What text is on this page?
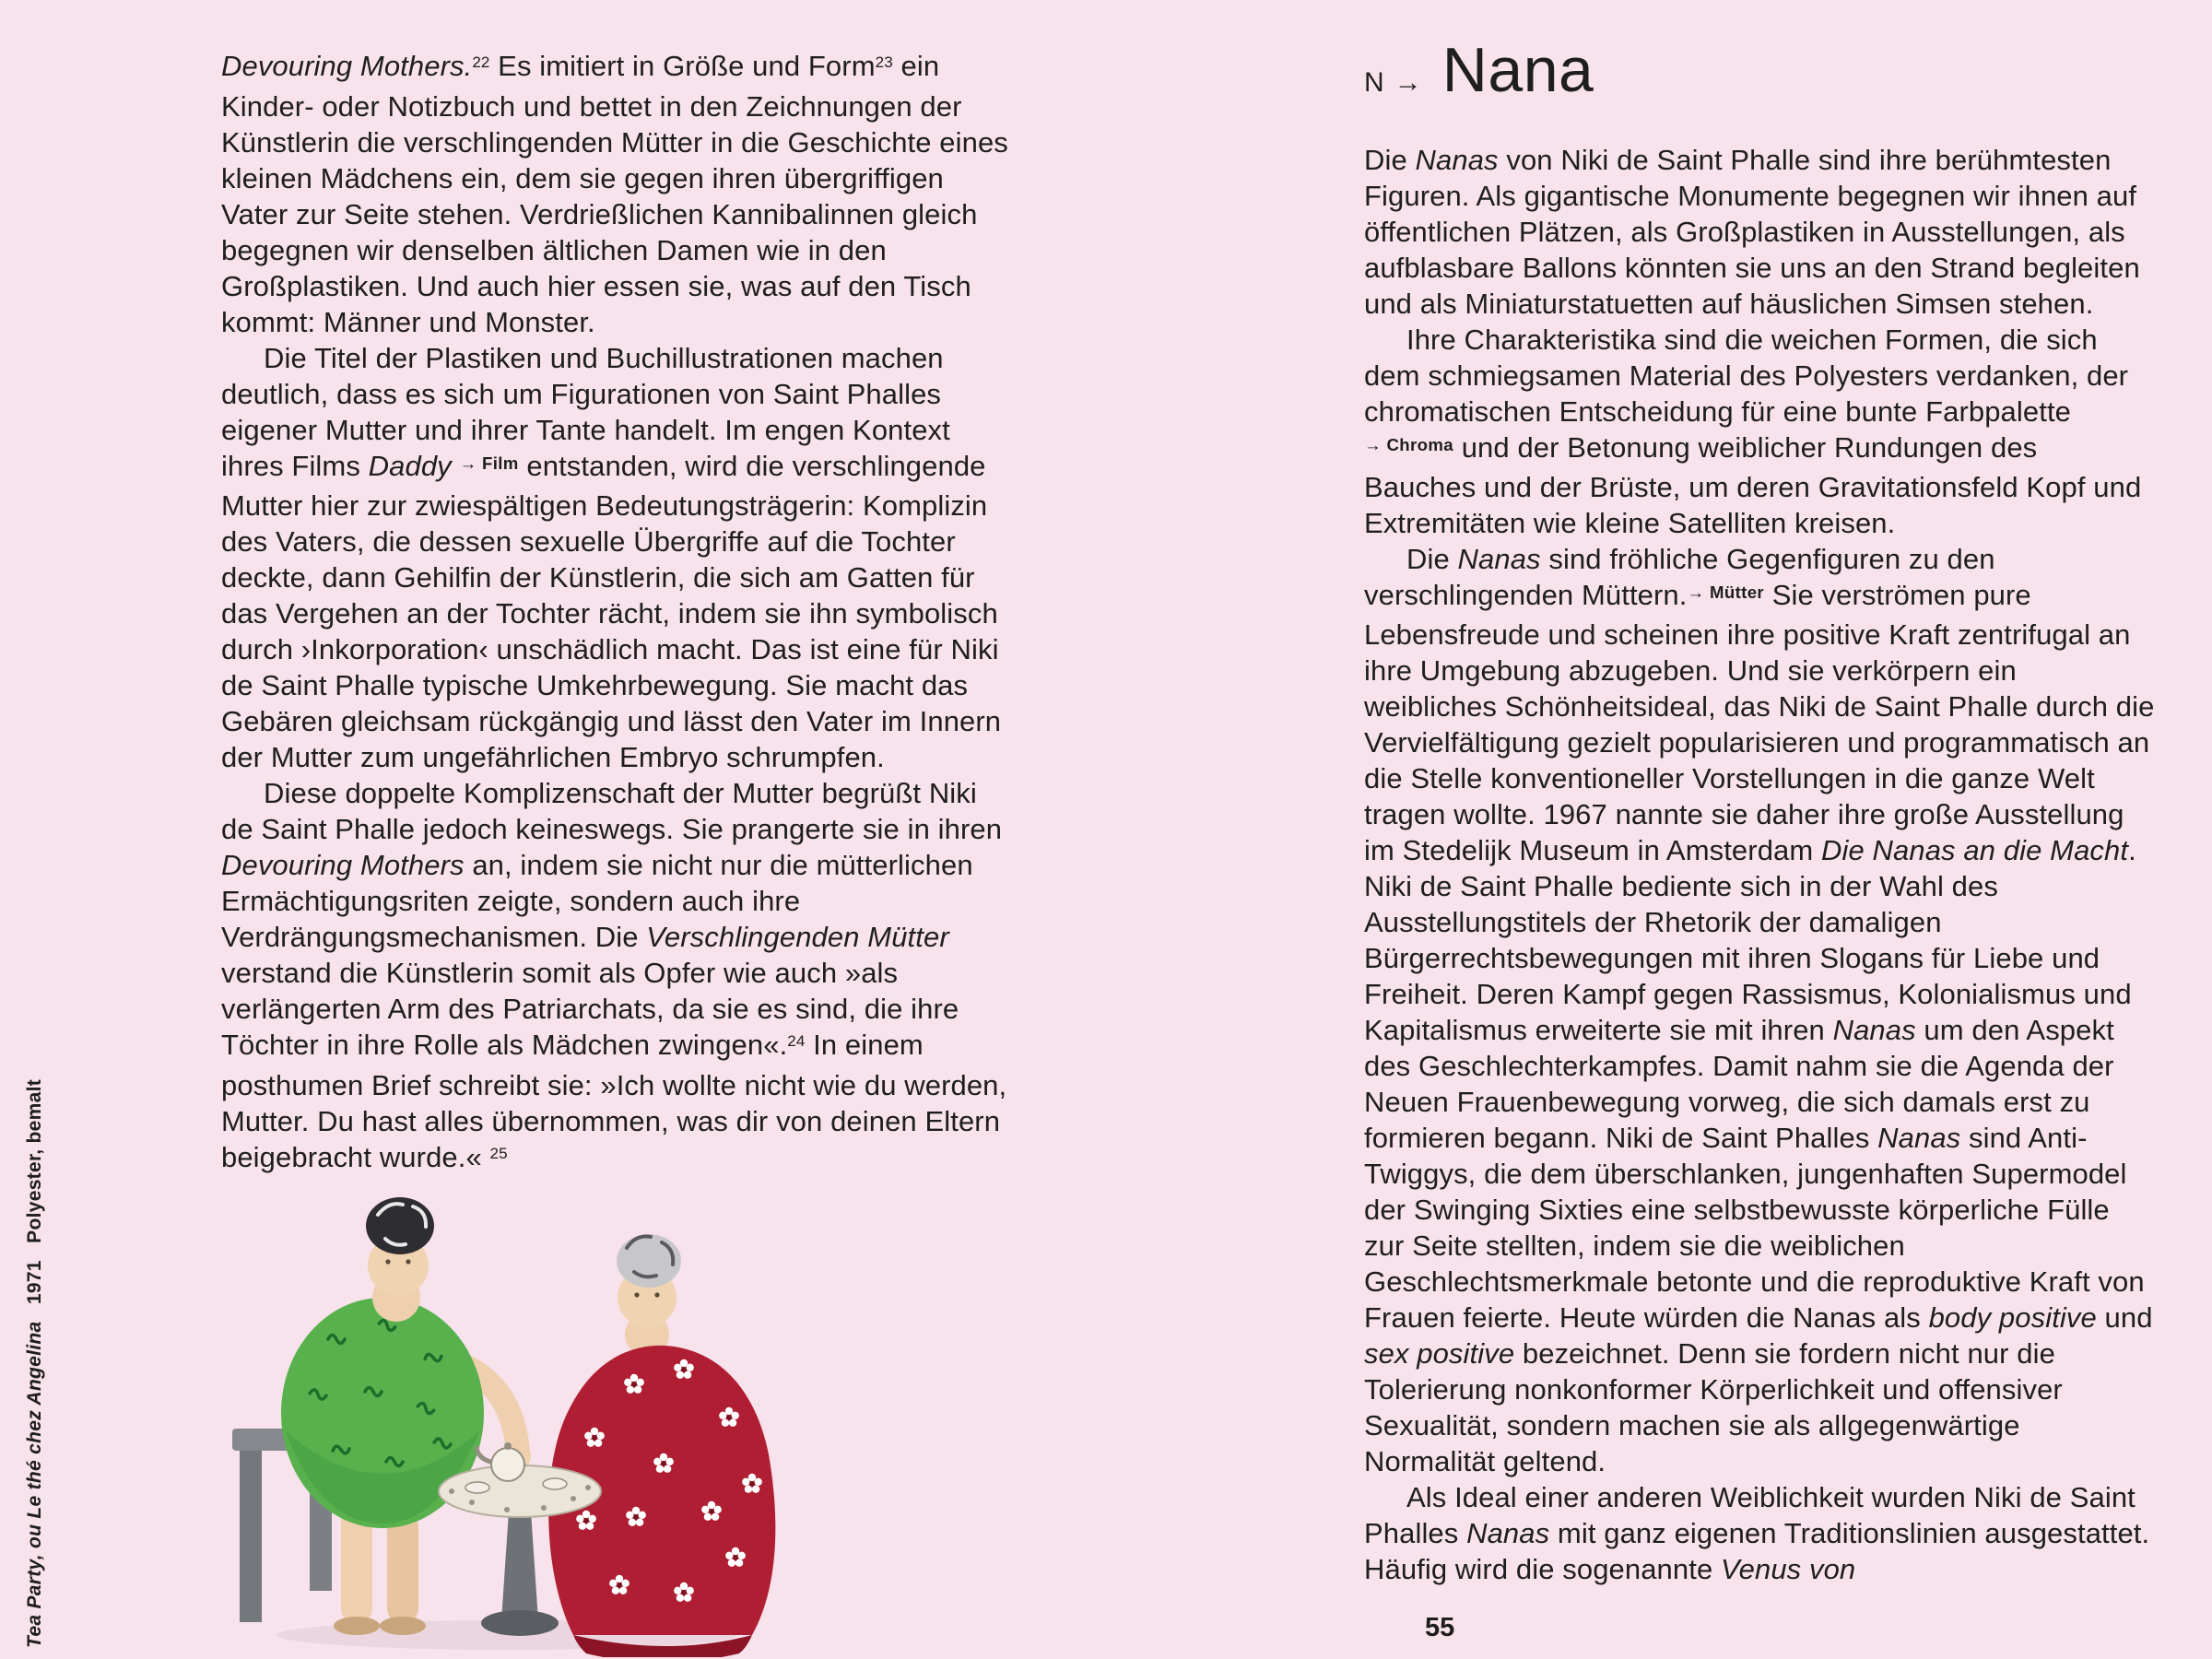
Tea Party, ou Le thé chez Angelina   1971   Polyester, bemalt

Devouring Mothers.$^{22}$ Es imitiert in Größe und Form$^{23}$ ein Kinder- oder Notizbuch und bettet in den Zeichnungen der Künstlerin die verschlingenden Mütter in die Geschichte eines kleinen Mädchens ein, dem sie gegen ihren übergriffigen Vater zur Seite stehen. Verdrießlichen Kannibalinnen gleich begegnen wir denselben ältlichen Damen wie in den Großplastiken. Und auch hier essen sie, was auf den Tisch kommt: Männer und Monster.

Die Titel der Plastiken und Buchillustrationen machen deutlich, dass es sich um Figurationen von Saint Phalles eigener Mutter und ihrer Tante handelt. Im engen Kontext ihres Films Daddy $^{\to Film}$ entstanden, wird die verschlingende Mutter hier zur zwiespältigen Bedeutungsträgerin: Komplizin des Vaters, die dessen sexuelle Übergriffe auf die Tochter deckte, dann Gehilfin der Künstlerin, die sich am Gatten für das Vergehen an der Tochter rächt, indem sie ihn symbolisch durch ›Inkorporation‹ unschädlich macht. Das ist eine für Niki de Saint Phalle typische Umkehrbewegung. Sie macht das Gebären gleichsam rückgängig und lässt den Vater im Innern der Mutter zum ungefährlichen Embryo schrumpfen.

Diese doppelte Komplizenschaft der Mutter begrüßt Niki de Saint Phalle jedoch keineswegs. Sie prangerte sie in ihren Devouring Mothers an, indem sie nicht nur die mütterlichen Ermächtigungsriten zeigte, sondern auch ihre Verdrängungsmechanismen. Die Verschlingenden Mütter verstand die Künstlerin somit als Opfer wie auch »als verlängerten Arm des Patriarchats, da sie es sind, die ihre Töchter in ihre Rolle als Mädchen zwingen«.$^{24}$ In einem posthumen Brief schreibt sie: »Ich wollte nicht wie du werden, Mutter. Du hast alles übernommen, was dir von deinen Eltern beigebracht wurde.« $^{25}$

N → Nana

Die Nanas von Niki de Saint Phalle sind ihre berühmtesten Figuren. Als gigantische Monumente begegnen wir ihnen auf öffentlichen Plätzen, als Großplastiken in Ausstellungen, als aufblasbare Ballons könnten sie uns an den Strand begleiten und als Miniaturstatuetten auf häuslichen Simsen stehen.

Ihre Charakteristika sind die weichen Formen, die sich dem schmiegsamen Material des Polyesters verdanken, der chromatischen Entscheidung für eine bunte Farbpalette $^{\to Chroma}$ und der Betonung weiblicher Rundungen des Bauches und der Brüste, um deren Gravitationsfeld Kopf und Extremitäten wie kleine Satelliten kreisen.

Die Nanas sind fröhliche Gegenfiguren zu den verschlingenden Müttern.$^{\to Mütter}$ Sie verströmen pure Lebensfreude und scheinen ihre positive Kraft zentrifugal an ihre Umgebung abzugeben. Und sie verkörpern ein weibliches Schönheitsideal, das Niki de Saint Phalle durch die Vervielfältigung gezielt popularisieren und programmatisch an die Stelle konventioneller Vorstellungen in die ganze Welt tragen wollte. 1967 nannte sie daher ihre große Ausstellung im Stedelijk Museum in Amsterdam Die Nanas an die Macht. Niki de Saint Phalle bediente sich in der Wahl des Ausstellungstitels der Rhetorik der damaligen Bürgerrechtsbewegungen mit ihren Slogans für Liebe und Freiheit. Deren Kampf gegen Rassismus, Kolonialismus und Kapitalismus erweiterte sie mit ihren Nanas um den Aspekt des Geschlechterkampfes. Damit nahm sie die Agenda der Neuen Frauenbewegung vorweg, die sich damals erst zu formieren begann. Niki de Saint Phalles Nanas sind Anti-Twiggys, die dem überschlanken, jungenhaften Supermodel der Swinging Sixties eine selbstbewusste körperliche Fülle zur Seite stellten, indem sie die weiblichen Geschlechtsmerkmale betonte und die reproduktive Kraft von Frauen feierte. Heute würden die Nanas als body positive und sex positive bezeichnet. Denn sie fordern nicht nur die Tolerierung nonkonformer Körperlichkeit und offensiver Sexualität, sondern machen sie als allgegenwärtige Normalität geltend.

Als Ideal einer anderen Weiblichkeit wurden Niki de Saint Phalles Nanas mit ganz eigenen Traditionslinien ausgestattet. Häufig wird die sogenannte Venus von

55
